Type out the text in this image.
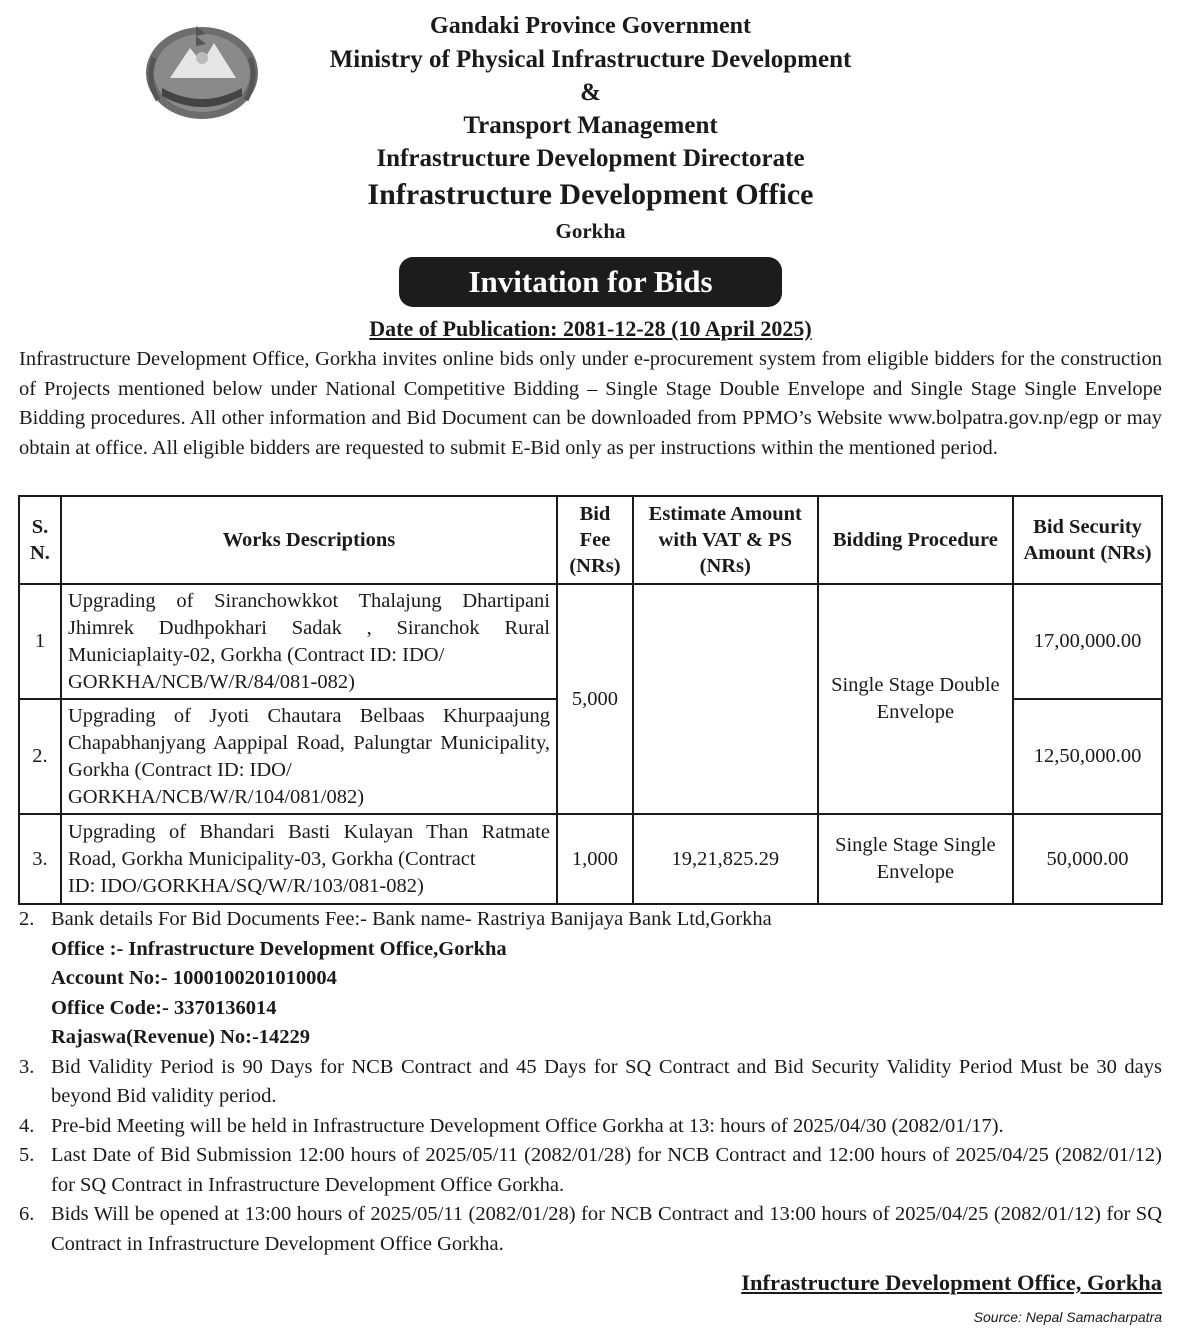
Gandaki Province Government
Ministry of Physical Infrastructure Development
&
Transport Management
Infrastructure Development Directorate
Infrastructure Development Office
Gorkha
Invitation for Bids
Date of Publication: 2081-12-28 (10 April 2025)
Infrastructure Development Office, Gorkha invites online bids only under e-procurement system from eligible bidders for the construction of Projects mentioned below under National Competitive Bidding – Single Stage Double Envelope and Single Stage Single Envelope Bidding procedures. All other information and Bid Document can be downloaded from PPMO’s Website www.bolpatra.gov.np/egp or may obtain at office. All eligible bidders are requested to submit E-Bid only as per instructions within the mentioned period.
S. N.	Works Descriptions	Bid Fee (NRs)	Estimate Amount with VAT & PS (NRs)	Bidding Procedure	Bid Security Amount (NRs)
1	Upgrading of Siranchowkkot Thalajung Dhartipani Jhimrek Dudhpokhari Sadak , Siranchok Rural Municiaplaity-02, Gorkha (Contract ID: IDO/
GORKHA/NCB/W/R/84/081-082)	5,000		Single Stage Double Envelope	17,00,000.00
2.	Upgrading of Jyoti Chautara Belbaas Khurpaajung Chapabhanjyang Aappipal Road, Palungtar Municipality, Gorkha (Contract ID: IDO/
GORKHA/NCB/W/R/104/081/082)				12,50,000.00
3.	Upgrading of Bhandari Basti Kulayan Than Ratmate Road, Gorkha Municipality-03, Gorkha (Contract
ID: IDO/GORKHA/SQ/W/R/103/081-082)	1,000	19,21,825.29	Single Stage Single Envelope	50,000.00
2. Bank details For Bid Documents Fee:- Bank name- Rastriya Banijaya Bank Ltd,Gorkha
Office :- Infrastructure Development Office,Gorkha
Account No:- 1000100201010004
Office Code:- 3370136014
Rajaswa(Revenue) No:-14229
3. Bid Validity Period is 90 Days for NCB Contract and 45 Days for SQ Contract and Bid Security Validity Period Must be 30 days beyond Bid validity period.
4. Pre-bid Meeting will be held in Infrastructure Development Office Gorkha at 13: hours of 2025/04/30 (2082/01/17).
5. Last Date of Bid Submission 12:00 hours of 2025/05/11 (2082/01/28) for NCB Contract and 12:00 hours of 2025/04/25 (2082/01/12) for SQ Contract in Infrastructure Development Office Gorkha.
6. Bids Will be opened at 13:00 hours of 2025/05/11 (2082/01/28) for NCB Contract and 13:00 hours of 2025/04/25 (2082/01/12) for SQ Contract in Infrastructure Development Office Gorkha.
Infrastructure Development Office, Gorkha
Source: Nepal Samacharpatra
